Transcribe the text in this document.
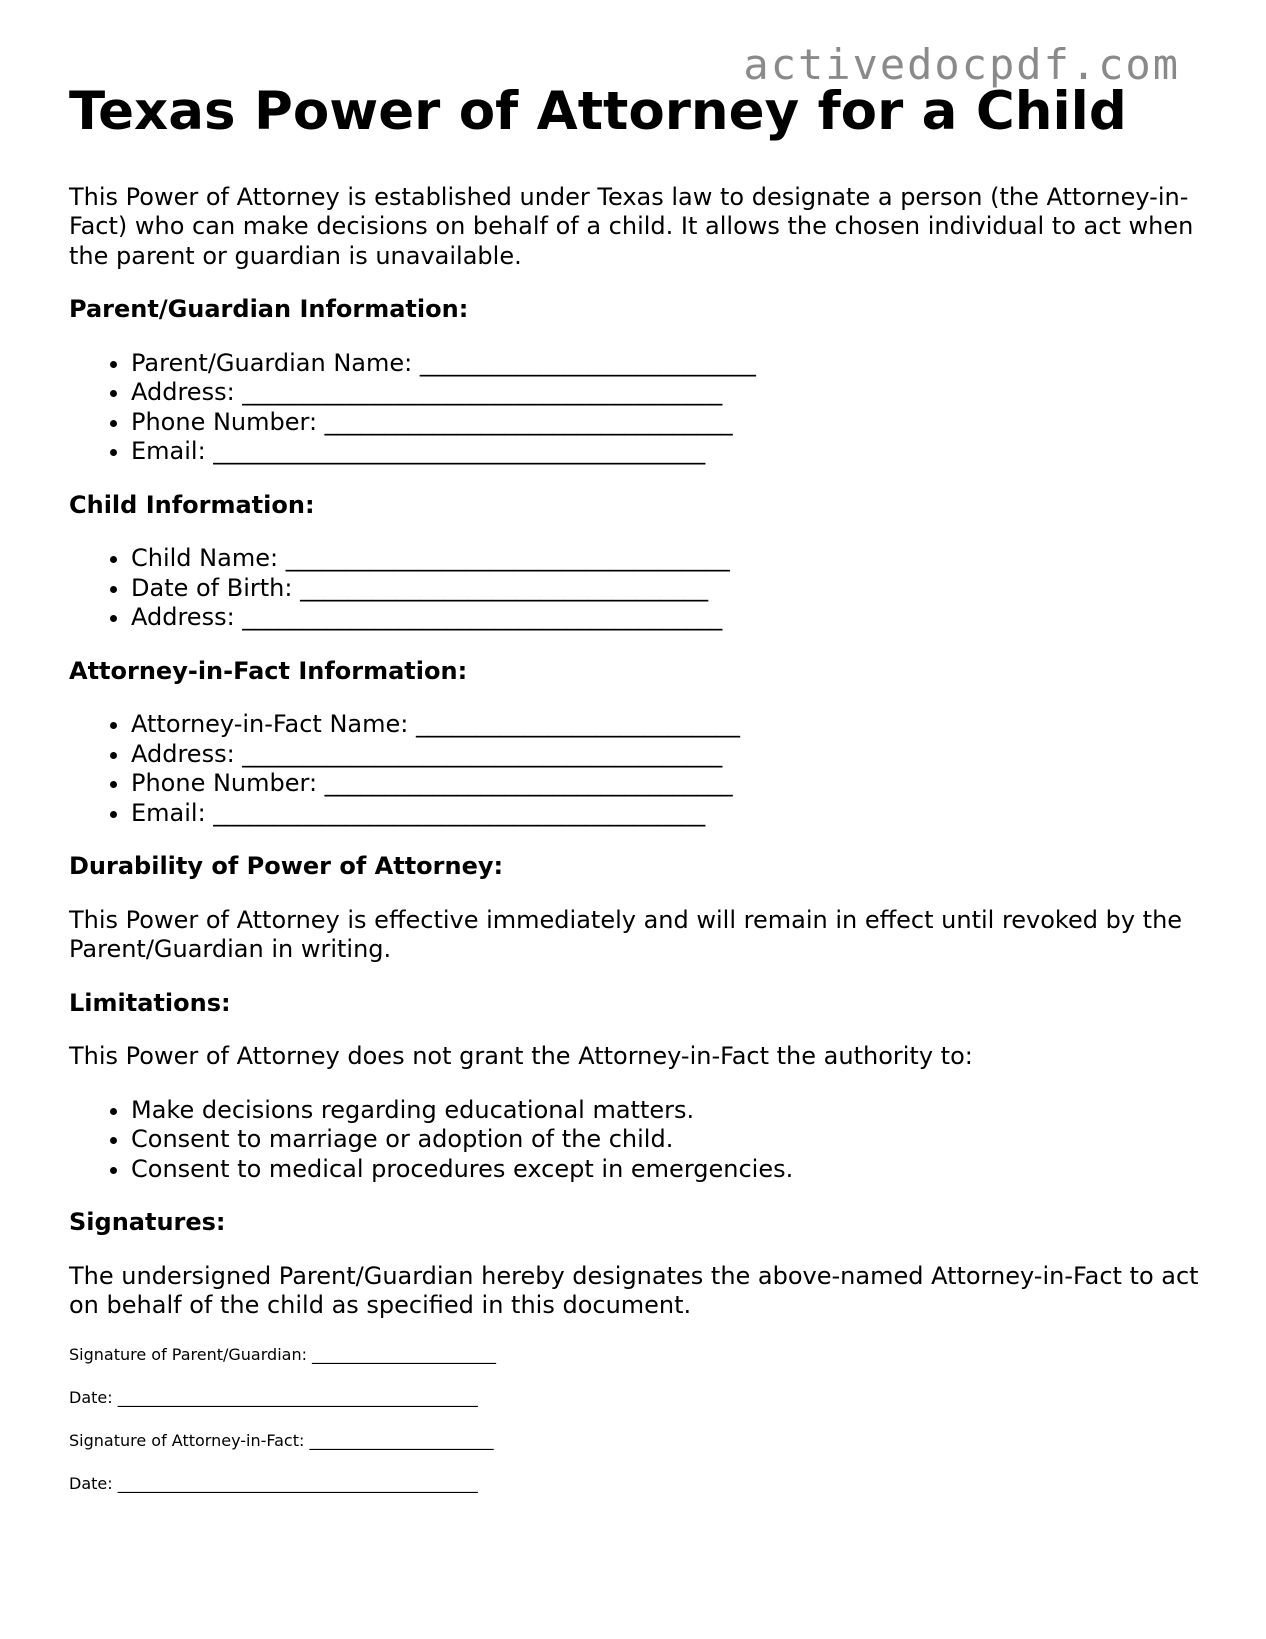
activedocpdf.com
Texas Power of Attorney for a Child

This Power of Attorney is established under Texas law to designate a person (the Attorney-in-Fact) who can make decisions on behalf of a child. It allows the chosen individual to act when the parent or guardian is unavailable.

Parent/Guardian Information:
• Parent/Guardian Name: ____________________________
• Address: ________________________________________
• Phone Number: __________________________________
• Email: _________________________________________
Child Information:
• Child Name: _____________________________________
• Date of Birth: __________________________________
• Address: ________________________________________
Attorney-in-Fact Information:
• Attorney-in-Fact Name: ___________________________
• Address: ________________________________________
• Phone Number: __________________________________
• Email: _________________________________________
Durability of Power of Attorney:

This Power of Attorney is effective immediately and will remain in effect until revoked by the Parent/Guardian in writing.

Limitations:

This Power of Attorney does not grant the Attorney-in-Fact the authority to:

• Make decisions regarding educational matters.
• Consent to marriage or adoption of the child.
• Consent to medical procedures except in emergencies.
Signatures:

The undersigned Parent/Guardian hereby designates the above-named Attorney-in-Fact to act on behalf of the child as specified in this document.

Signature of Parent/Guardian: _______________________
Date: _____________________________________________
Signature of Attorney-in-Fact: _______________________
Date: _____________________________________________
